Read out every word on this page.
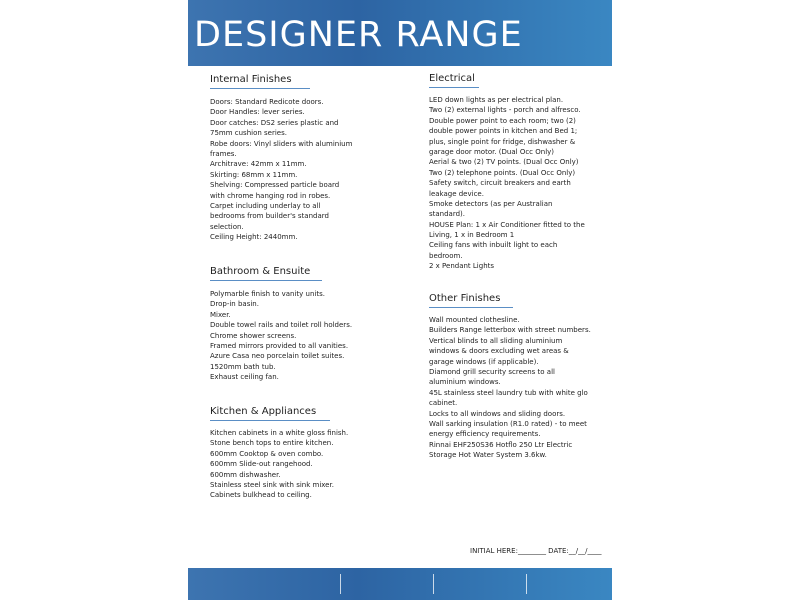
DESIGNER RANGE
Internal Finishes
Doors: Standard Redicote doors.
Door Handles: lever series.
Door catches: DS2 series plastic and
75mm cushion series.
Robe doors: Vinyl sliders with aluminium
frames.
Architrave: 42mm x 11mm.
Skirting: 68mm x 11mm.
Shelving: Compressed particle board
with chrome hanging rod in robes.
Carpet including underlay to all
bedrooms from builder's standard
selection.
Ceiling Height: 2440mm.
Bathroom & Ensuite
Polymarble finish to vanity units.
Drop-in basin.
Mixer.
Double towel rails and toilet roll holders.
Chrome shower screens.
Framed mirrors provided to all vanities.
Azure Casa neo porcelain toilet suites.
1520mm bath tub.
Exhaust ceiling fan.
Kitchen & Appliances
Kitchen cabinets in a white gloss finish.
Stone bench tops to entire kitchen.
600mm Cooktop & oven combo.
600mm Slide-out rangehood.
600mm dishwasher.
Stainless steel sink with sink mixer.
Cabinets bulkhead to ceiling.
Electrical
LED down lights as per electrical plan.
Two (2) external lights - porch and alfresco.
Double power point to each room; two (2)
double power points in kitchen and Bed 1;
plus, single point for fridge, dishwasher &
garage door motor. (Dual Occ Only)
Aerial & two (2) TV points. (Dual Occ Only)
Two (2) telephone points. (Dual Occ Only)
Safety switch, circuit breakers and earth
leakage device.
Smoke detectors (as per Australian
standard).
HOUSE Plan: 1 x Air Conditioner fitted to the
Living, 1 x in Bedroom 1
Ceiling fans with inbuilt light to each
bedroom.
2 x Pendant Lights
Other Finishes
Wall mounted clothesline.
Builders Range letterbox with street numbers.
Vertical blinds to all sliding aluminium
windows & doors excluding wet areas &
garage windows (if applicable).
Diamond grill security screens to all
aluminium windows.
45L stainless steel laundry tub with white glo
cabinet.
Locks to all windows and sliding doors.
Wall sarking insulation (R1.0 rated) - to meet
energy efficiency requirements.
Rinnai EHF250S36 Hotflo 250 Ltr Electric
Storage Hot Water System 3.6kw.
INITIAL HERE:________ DATE:__/__/____
